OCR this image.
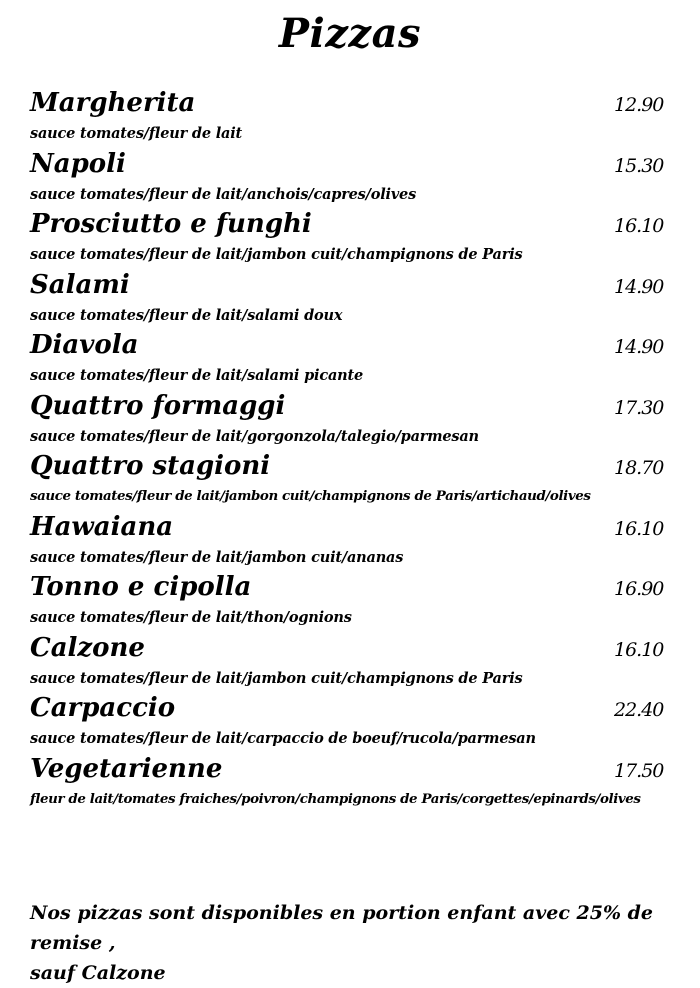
Pizzas
Margherita	12.90
sauce tomates/fleur de lait
Napoli	15.30
sauce tomates/fleur de lait/anchois/capres/olives
Prosciutto e funghi	16.10
sauce tomates/fleur de lait/jambon cuit/champignons de Paris
Salami	14.90
sauce tomates/fleur de lait/salami doux
Diavola	14.90
sauce tomates/fleur de lait/salami picante
Quattro formaggi	17.30
sauce tomates/fleur de lait/gorgonzola/talegio/parmesan
Quattro stagioni	18.70
sauce tomates/fleur de lait/jambon cuit/champignons de Paris/artichaud/olives
Hawaiana	16.10
sauce tomates/fleur de lait/jambon cuit/ananas
Tonno e cipolla	16.90
sauce tomates/fleur de lait/thon/ognions
Calzone	16.10
sauce tomates/fleur de lait/jambon cuit/champignons de Paris
Carpaccio	22.40
sauce tomates/fleur de lait/carpaccio de boeuf/rucola/parmesan
Vegetarienne	17.50
fleur de lait/tomates fraiches/poivron/champignons de Paris/corgettes/epinards/olives
Nos pizzas sont disponibles en portion enfant avec 25% de remise ,
sauf Calzone
